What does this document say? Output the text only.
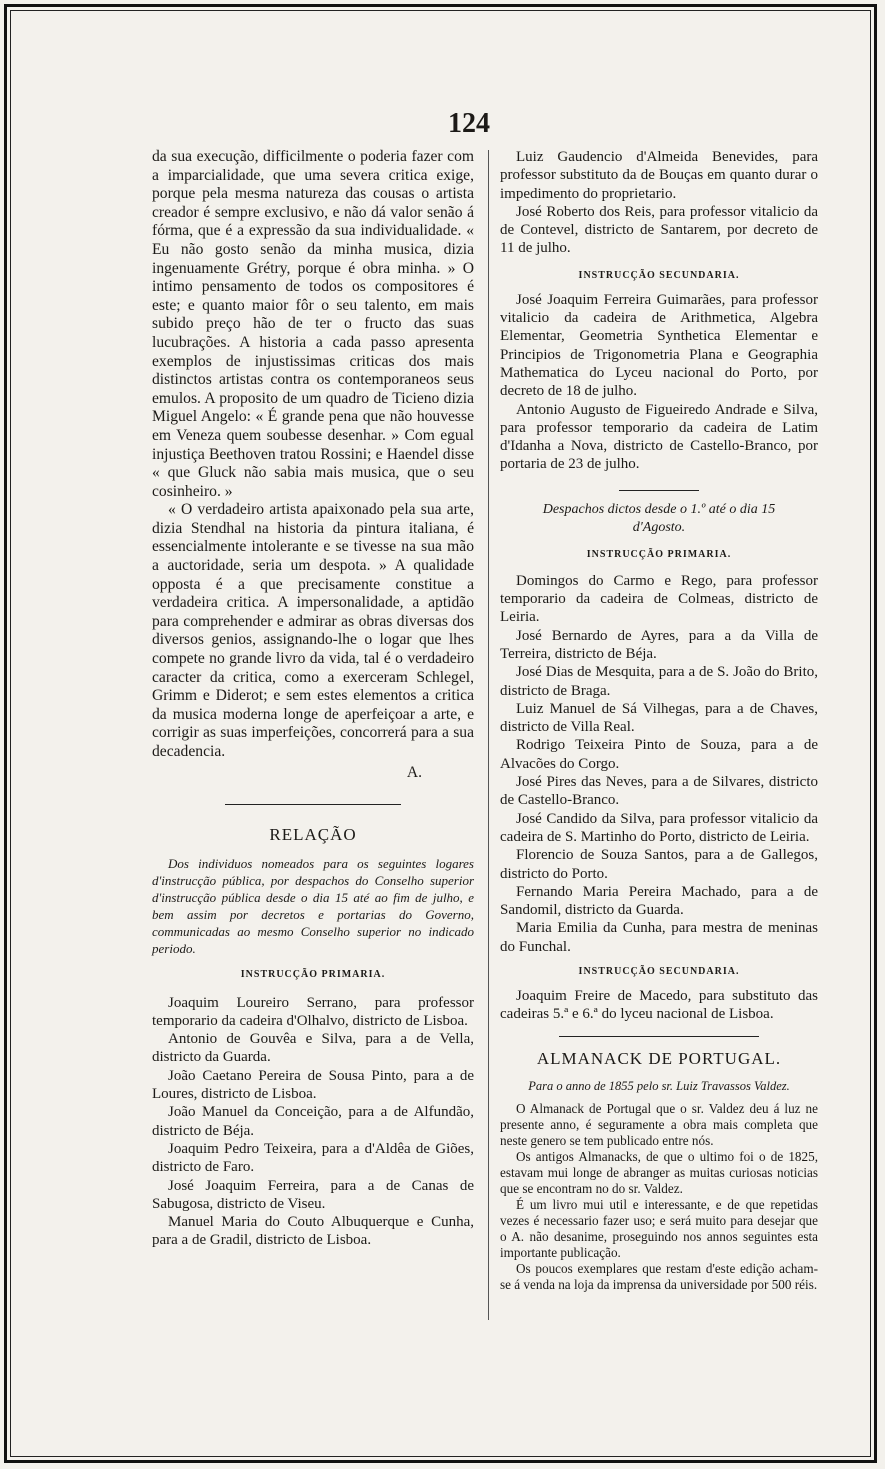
124

da sua execução, difficilmente o poderia fazer com a imparcialidade, que uma severa critica exige, porque pela mesma natureza das cousas o artista creador é sempre exclusivo, e não dá valor senão á fórma, que é a expressão da sua individualidade. « Eu não gosto senão da minha musica, dizia ingenuamente Grétry, porque é obra minha. » O intimo pensamento de todos os compositores é este; e quanto maior fôr o seu talento, em mais subido preço hão de ter o fructo das suas lucubrações. A historia a cada passo apresenta exemplos de injustissimas criticas dos mais distinctos artistas contra os contemporaneos seus emulos. A proposito de um quadro de Ticieno dizia Miguel Angelo: « É grande pena que não houvesse em Veneza quem soubesse desenhar. » Com egual injustiça Beethoven tratou Rossini; e Haendel disse « que Gluck não sabia mais musica, que o seu cosinheiro. »

« O verdadeiro artista apaixonado pela sua arte, dizia Stendhal na historia da pintura italiana, é essencialmente intolerante e se tivesse na sua mão a auctoridade, seria um despota. » A qualidade opposta é a que precisamente constitue a verdadeira critica. A impersonalidade, a aptidão para comprehender e admirar as obras diversas dos diversos genios, assignando-lhe o logar que lhes compete no grande livro da vida, tal é o verdadeiro caracter da critica, como a exerceram Schlegel, Grimm e Diderot; e sem estes elementos a critica da musica moderna longe de aperfeiçoar a arte, e corrigir as suas imperfeições, concorrerá para a sua decadencia.

A.

RELAÇÃO

Dos individuos nomeados para os seguintes logares d'instrucção pública, por despachos do Conselho superior d'instrucção pública desde o dia 15 até ao fim de julho, e bem assim por decretos e portarias do Governo, communicadas ao mesmo Conselho superior no indicado periodo.

INSTRUCÇÃO PRIMARIA.

Joaquim Loureiro Serrano, para professor temporario da cadeira d'Olhalvo, districto de Lisboa.

Antonio de Gouvêa e Silva, para a de Vella, districto da Guarda.

João Caetano Pereira de Sousa Pinto, para a de Loures, districto de Lisboa.

João Manuel da Conceição, para a de Alfundão, districto de Béja.

Joaquim Pedro Teixeira, para a d'Aldêa de Giões, districto de Faro.

José Joaquim Ferreira, para a de Canas de Sabugosa, districto de Viseu.

Manuel Maria do Couto Albuquerque e Cunha, para a de Gradil, districto de Lisboa.

Luiz Gaudencio d'Almeida Benevides, para professor substituto da de Bouças em quanto durar o impedimento do proprietario.

José Roberto dos Reis, para professor vitalicio da de Contevel, districto de Santarem, por decreto de 11 de julho.

INSTRUCÇÃO SECUNDARIA.

José Joaquim Ferreira Guimarães, para professor vitalicio da cadeira de Arithmetica, Algebra Elementar, Geometria Synthetica Elementar e Principios de Trigonometria Plana e Geographia Mathematica do Lyceu nacional do Porto, por decreto de 18 de julho.

Antonio Augusto de Figueiredo Andrade e Silva, para professor temporario da cadeira de Latim d'Idanha a Nova, districto de Castello-Branco, por portaria de 23 de julho.

Despachos dictos desde o 1.º até o dia 15 d'Agosto.

INSTRUCÇÃO PRIMARIA.

Domingos do Carmo e Rego, para professor temporario da cadeira de Colmeas, districto de Leiria.

José Bernardo de Ayres, para a da Villa de Terreira, districto de Béja.

José Dias de Mesquita, para a de S. João do Brito, districto de Braga.

Luiz Manuel de Sá Vilhegas, para a de Chaves, districto de Villa Real.

Rodrigo Teixeira Pinto de Souza, para a de Alvacões do Corgo.

José Pires das Neves, para a de Silvares, districto de Castello-Branco.

José Candido da Silva, para professor vitalicio da cadeira de S. Martinho do Porto, districto de Leiria.

Florencio de Souza Santos, para a de Gallegos, districto do Porto.

Fernando Maria Pereira Machado, para a de Sandomil, districto da Guarda.

Maria Emilia da Cunha, para mestra de meninas do Funchal.

INSTRUCÇÃO SECUNDARIA.

Joaquim Freire de Macedo, para substituto das cadeiras 5.ª e 6.ª do lyceu nacional de Lisboa.

ALMANACK DE PORTUGAL.

Para o anno de 1855 pelo sr. Luiz Travassos Valdez.

O Almanack de Portugal que o sr. Valdez deu á luz ne presente anno, é seguramente a obra mais completa que neste genero se tem publicado entre nós.

Os antigos Almanacks, de que o ultimo foi o de 1825, estavam mui longe de abranger as muitas curiosas noticias que se encontram no do sr. Valdez.

É um livro mui util e interessante, e de que repetidas vezes é necessario fazer uso; e será muito para desejar que o A. não desanime, proseguindo nos annos seguintes esta importante publicação.

Os poucos exemplares que restam d'este edição acham-se á venda na loja da imprensa da universidade por 500 réis.
